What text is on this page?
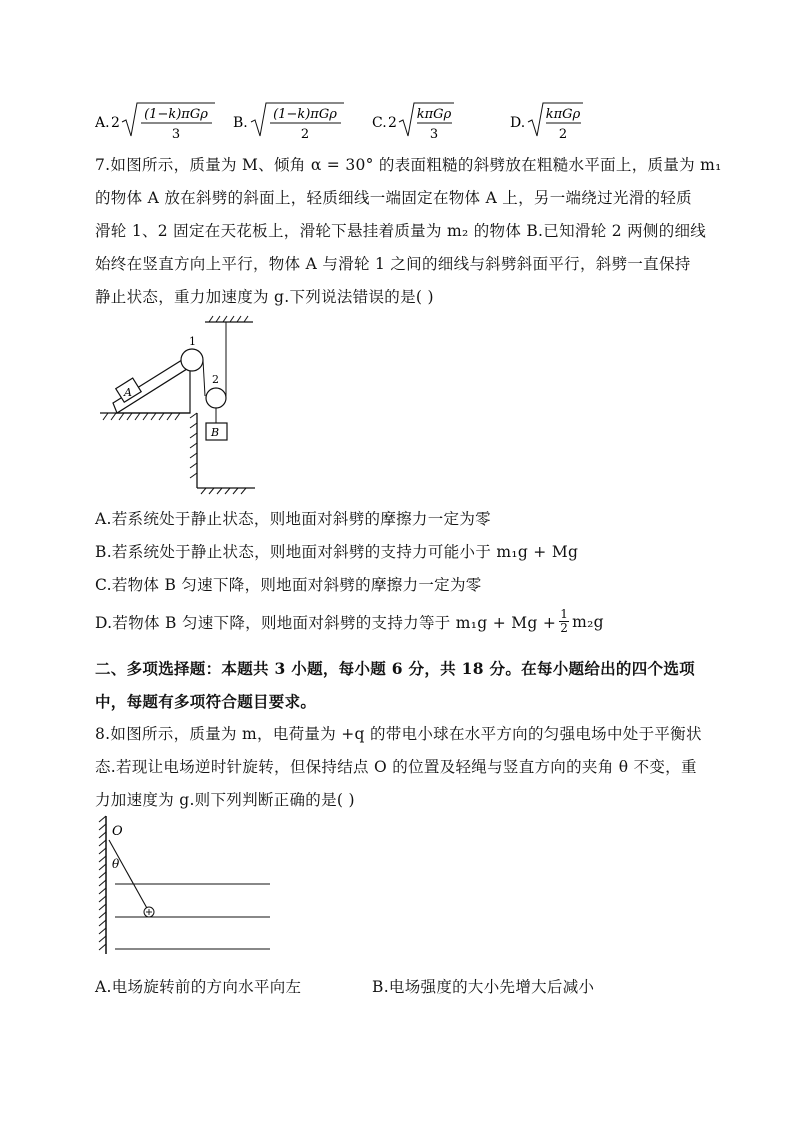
A. 2
(1−k)πGρ
3
B.
(1−k)πGρ
2
C. 2
kπGρ
3
D.
kπGρ
2
7.如图所示，质量为 M、倾角 α = 30° 的表面粗糙的斜劈放在粗糙水平面上，质量为 m₁
的物体 A 放在斜劈的斜面上，轻质细线一端固定在物体 A 上，另一端绕过光滑的轻质
滑轮 1、2 固定在天花板上，滑轮下悬挂着质量为 m₂ 的物体 B.已知滑轮 2 两侧的细线
始终在竖直方向上平行，物体 A 与滑轮 1 之间的细线与斜劈斜面平行，斜劈一直保持
静止状态，重力加速度为 g.下列说法错误的是( )
A
1
2
B
A.若系统处于静止状态，则地面对斜劈的摩擦力一定为零
B.若系统处于静止状态，则地面对斜劈的支持力可能小于 m₁g + Mg
C.若物体 B 匀速下降，则地面对斜劈的摩擦力一定为零
D.若物体 B 匀速下降，则地面对斜劈的支持力等于 m₁g + Mg + 1
2 m₂g
二、多项选择题：本题共 3 小题，每小题 6 分，共 18 分。在每小题给出的四个选项
中，每题有多项符合题目要求。
8.如图所示，质量为 m，电荷量为 +q 的带电小球在水平方向的匀强电场中处于平衡状
态.若现让电场逆时针旋转，但保持结点 O 的位置及轻绳与竖直方向的夹角 θ 不变，重
力加速度为 g.则下列判断正确的是( )
O
θ
A.电场旋转前的方向水平向左	B.电场强度的大小先增大后减小
